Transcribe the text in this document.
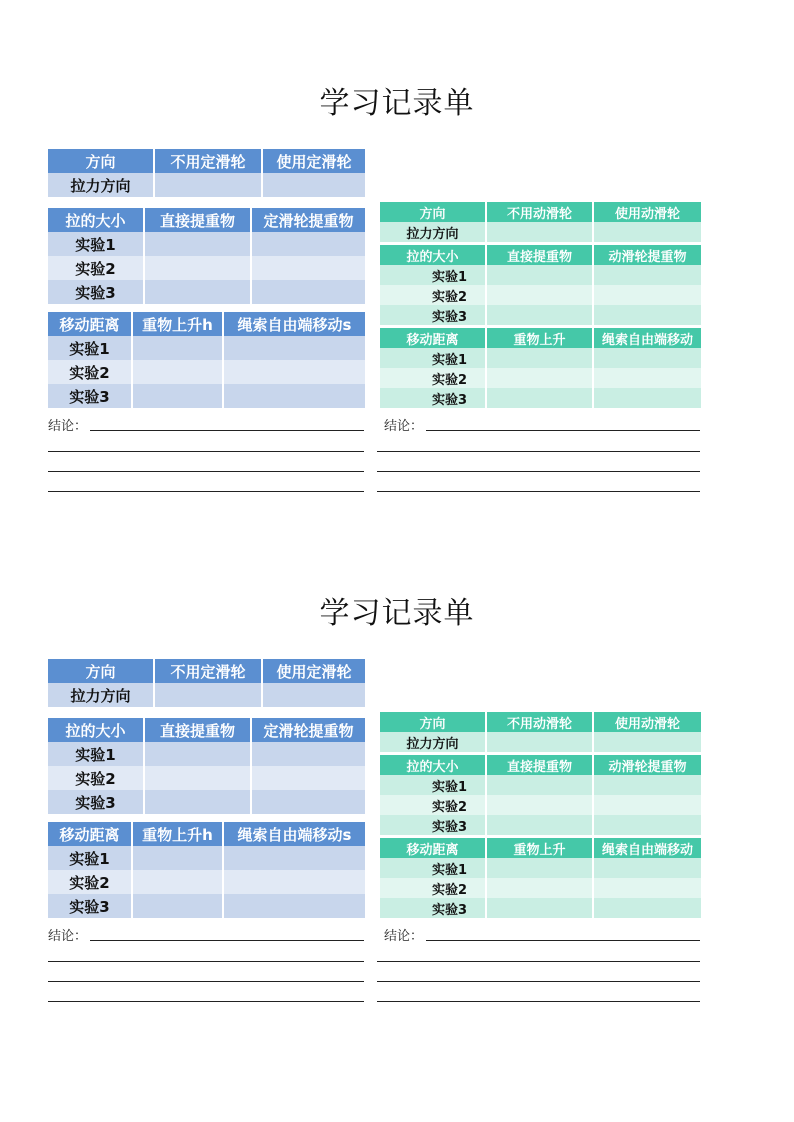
学习记录单
方向	不用定滑轮	使用定滑轮
拉力方向		
拉的大小	直接提重物	定滑轮提重物
实验1		
实验2		
实验3		
移动距离	重物上升h	绳索自由端移动s
实验1		
实验2		
实验3		
方向	不用动滑轮	使用动滑轮
拉力方向		
拉的大小	直接提重物	动滑轮提重物
实验1		
实验2		
实验3		
移动距离	重物上升	绳索自由端移动
实验1		
实验2		
实验3		
结论：	结论：
学习记录单
方向	不用定滑轮	使用定滑轮
拉力方向		
拉的大小	直接提重物	定滑轮提重物
实验1		
实验2		
实验3		
移动距离	重物上升h	绳索自由端移动s
实验1		
实验2		
实验3		
方向	不用动滑轮	使用动滑轮
拉力方向		
拉的大小	直接提重物	动滑轮提重物
实验1		
实验2		
实验3		
移动距离	重物上升	绳索自由端移动
实验1		
实验2		
实验3		
结论：	结论：
